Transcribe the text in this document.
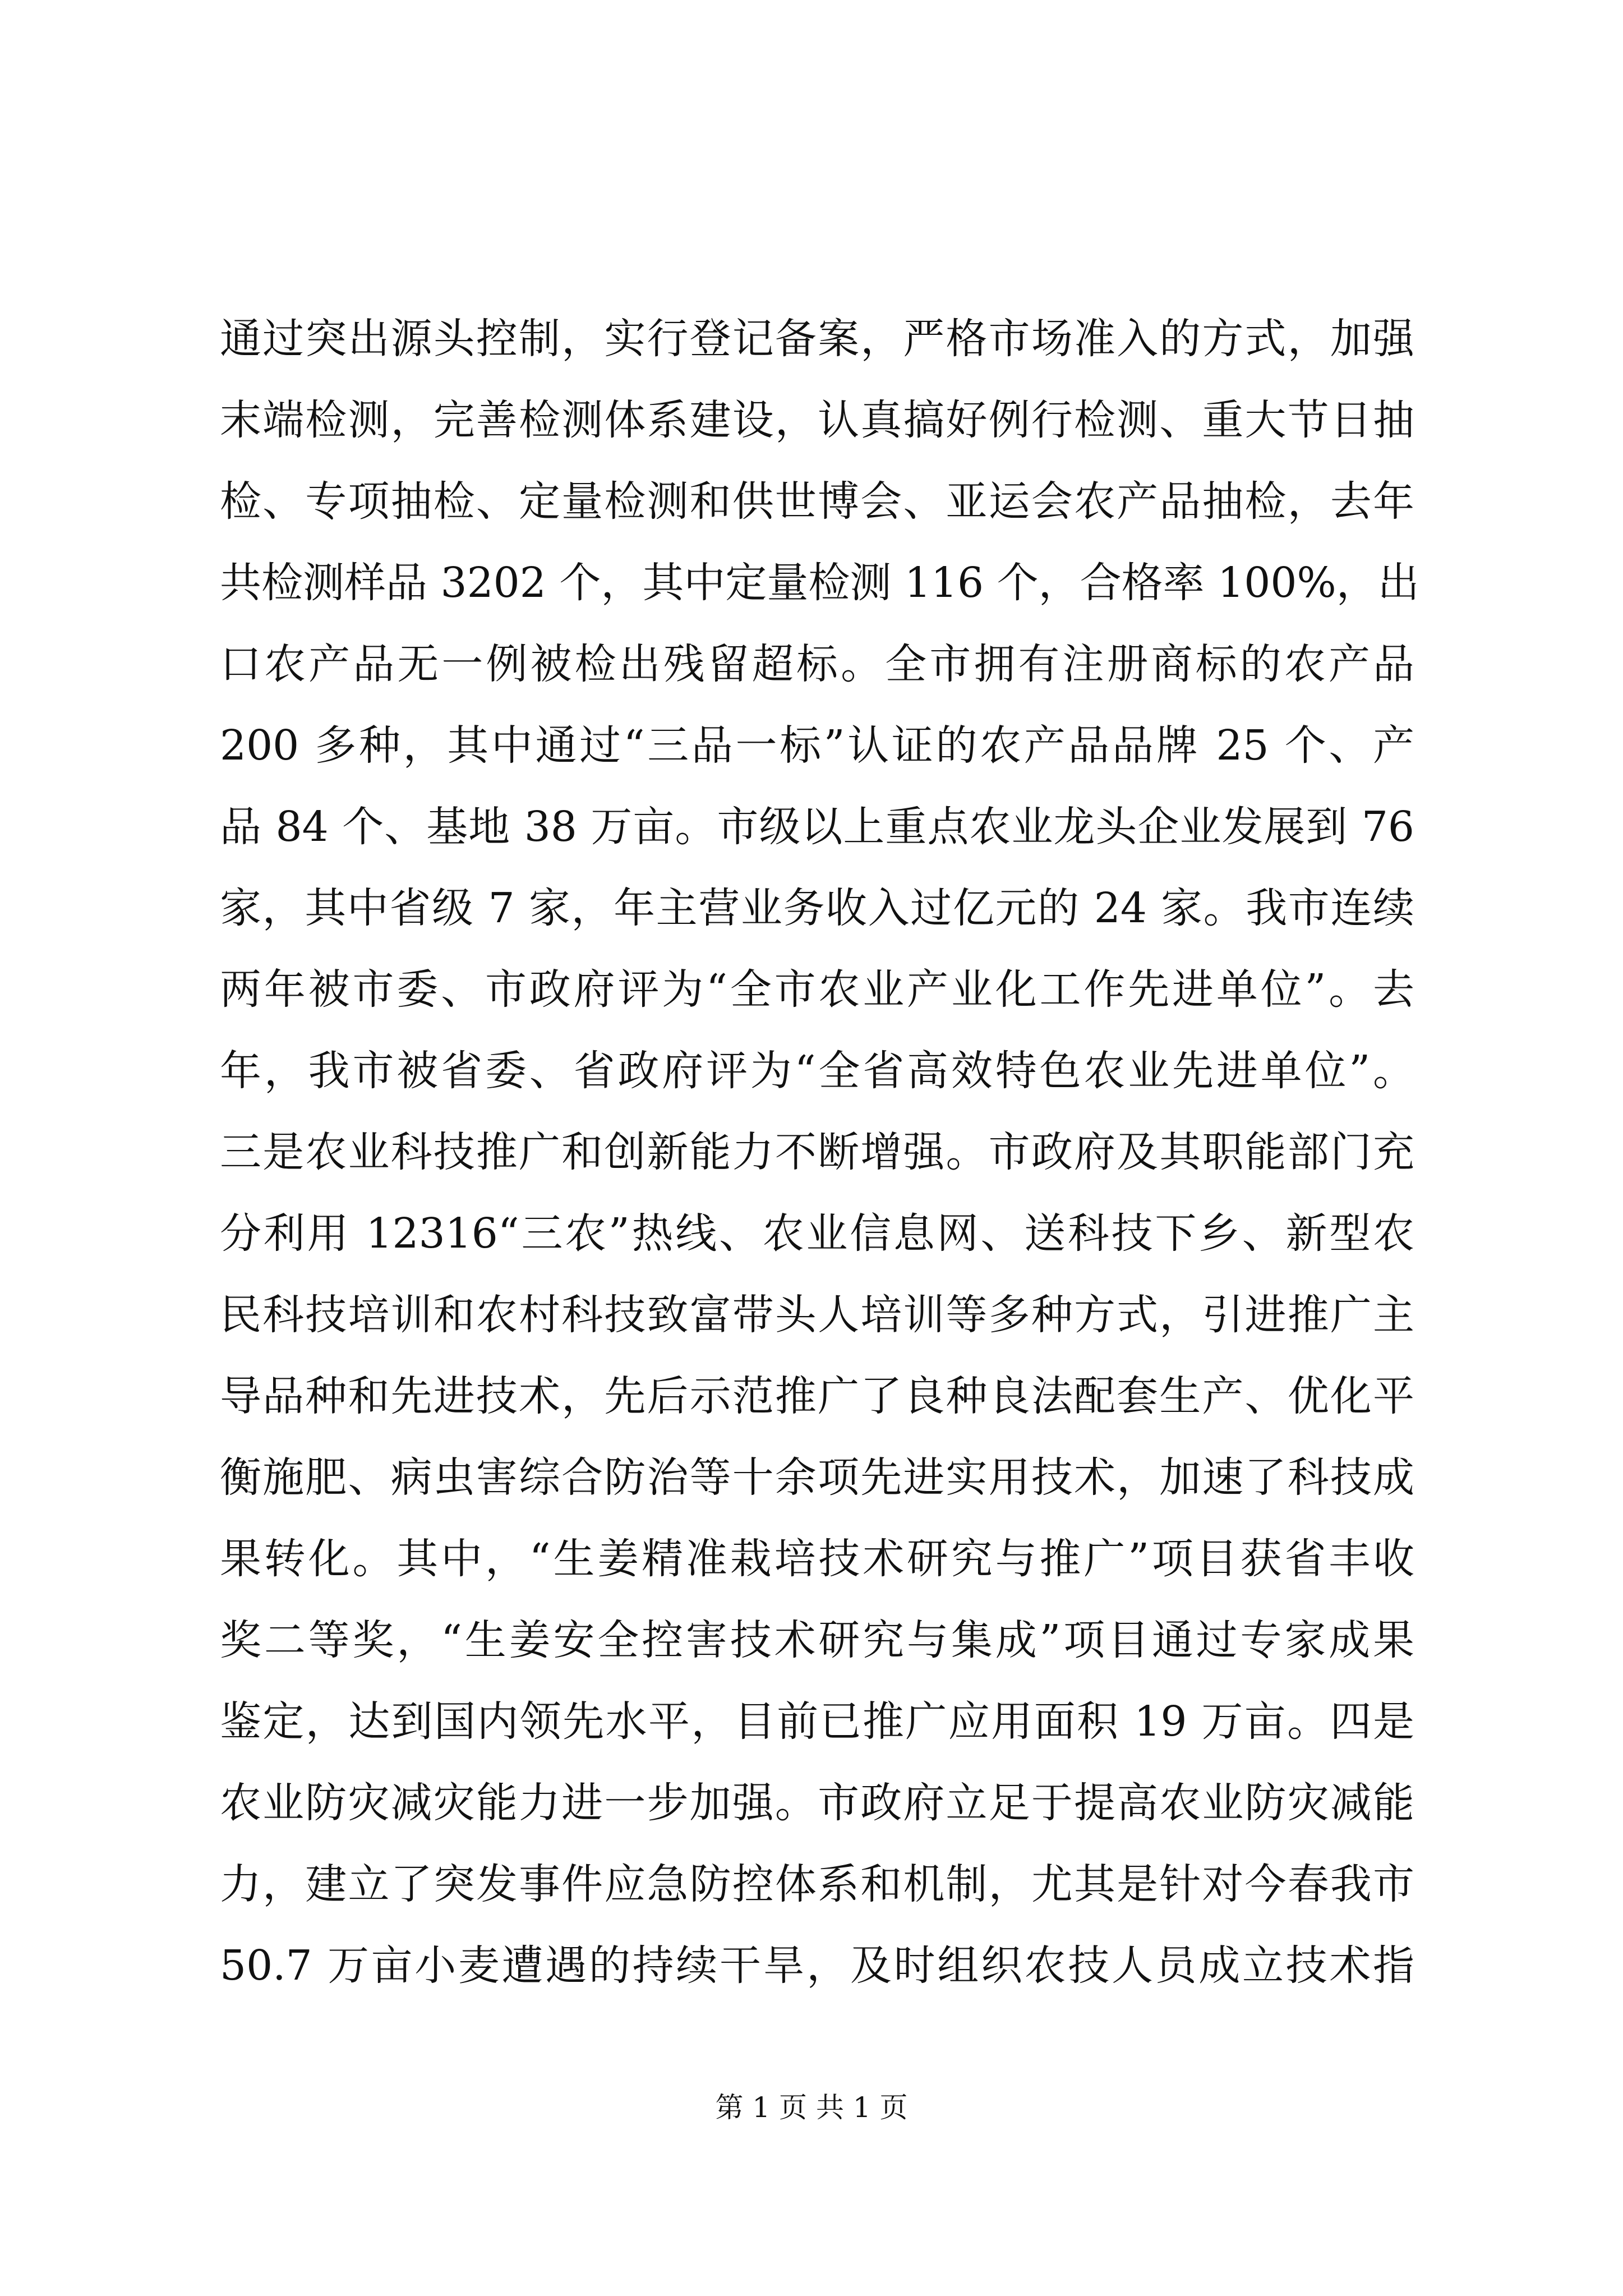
通过突出源头控制，实行登记备案，严格市场准入的方式，加强
末端检测，完善检测体系建设，认真搞好例行检测、重大节日抽
检、专项抽检、定量检测和供世博会、亚运会农产品抽检，去年
共检测样品 3202 个，其中定量检测 116 个，合格率 100%，出
口农产品无一例被检出残留超标。全市拥有注册商标的农产品
200 多种，其中通过“三品一标”认证的农产品品牌 25 个、产
品 84 个、基地 38 万亩。市级以上重点农业龙头企业发展到 76
家，其中省级 7 家，年主营业务收入过亿元的 24 家。我市连续
两年被市委、市政府评为“全市农业产业化工作先进单位”。去
年，我市被省委、省政府评为“全省高效特色农业先进单位”。
三是农业科技推广和创新能力不断增强。市政府及其职能部门充
分利用 12316“三农”热线、农业信息网、送科技下乡、新型农
民科技培训和农村科技致富带头人培训等多种方式，引进推广主
导品种和先进技术，先后示范推广了良种良法配套生产、优化平
衡施肥、病虫害综合防治等十余项先进实用技术，加速了科技成
果转化。其中，“生姜精准栽培技术研究与推广”项目获省丰收
奖二等奖，“生姜安全控害技术研究与集成”项目通过专家成果
鉴定，达到国内领先水平，目前已推广应用面积 19 万亩。四是
农业防灾减灾能力进一步加强。市政府立足于提高农业防灾减能
力，建立了突发事件应急防控体系和机制，尤其是针对今春我市
50.7 万亩小麦遭遇的持续干旱，及时组织农技人员成立技术指
第 1 页 共 1 页
